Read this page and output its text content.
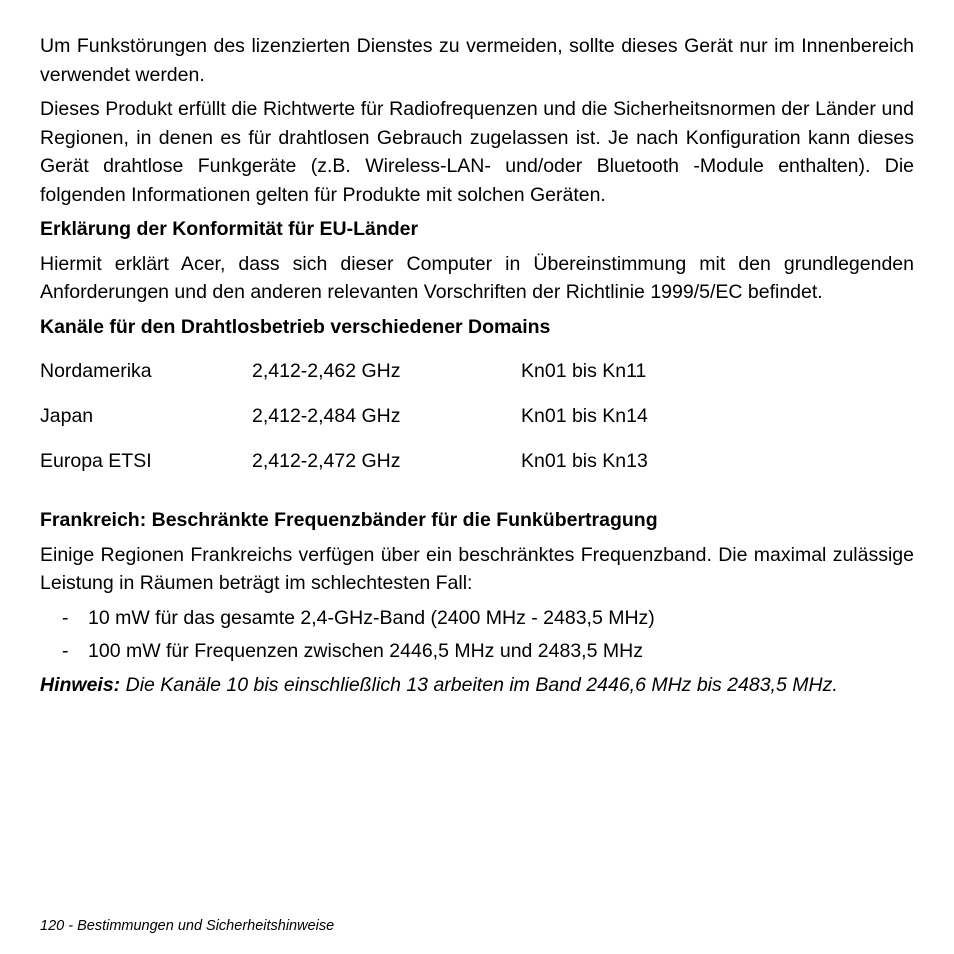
Um Funkstörungen des lizenzierten Dienstes zu vermeiden, sollte dieses Gerät nur im Innenbereich verwendet werden.

Dieses Produkt erfüllt die Richtwerte für Radiofrequenzen und die Sicherheitsnormen der Länder und Regionen, in denen es für drahtlosen Gebrauch zugelassen ist. Je nach Konfiguration kann dieses Gerät drahtlose Funkgeräte (z.B. Wireless-LAN- und/oder Bluetooth -Module enthalten). Die folgenden Informationen gelten für Produkte mit solchen Geräten.

Erklärung der Konformität für EU-Länder

Hiermit erklärt Acer, dass sich dieser Computer in Übereinstimmung mit den grundlegenden Anforderungen und den anderen relevanten Vorschriften der Richtlinie 1999/5/EC befindet.

Kanäle für den Drahtlosbetrieb verschiedener Domains
Nordamerika	2,412-2,462 GHz	Kn01 bis Kn11
Japan	2,412-2,484 GHz	Kn01 bis Kn14
Europa ETSI	2,412-2,472 GHz	Kn01 bis Kn13
Frankreich: Beschränkte Frequenzbänder für die Funkübertragung

Einige Regionen Frankreichs verfügen über ein beschränktes Frequenzband. Die maximal zulässige Leistung in Räumen beträgt im schlechtesten Fall:

-	10 mW für das gesamte 2,4-GHz-Band (2400 MHz - 2483,5 MHz)
-	100 mW für Frequenzen zwischen 2446,5 MHz und 2483,5 MHz

Hinweis: Die Kanäle 10 bis einschließlich 13 arbeiten im Band 2446,6 MHz bis 2483,5 MHz.

120 - Bestimmungen und Sicherheitshinweise
